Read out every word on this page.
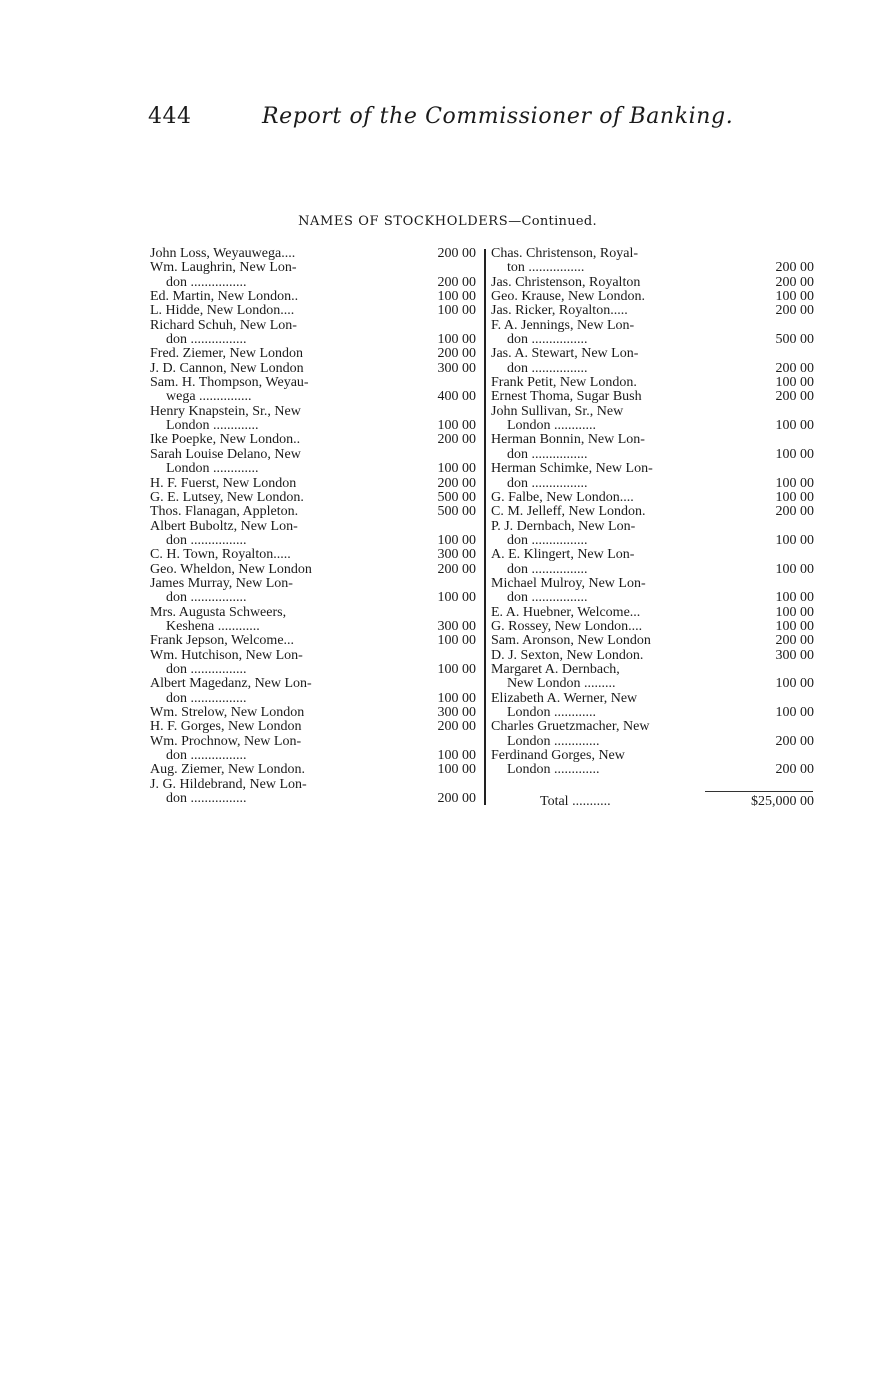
444	Report of the Commissioner of Banking.
NAMES OF STOCKHOLDERS—Continued.
John Loss, Weyauwega....	200 00
Wm. Laughrin, New Lon-
don ................	200 00
Ed. Martin, New London..	100 00
L. Hidde, New London....	100 00
Richard Schuh, New Lon-
don ................	100 00
Fred. Ziemer, New London	200 00
J. D. Cannon, New London	300 00
Sam. H. Thompson, Weyau-
wega ...............	400 00
Henry Knapstein, Sr., New
London .............	100 00
Ike Poepke, New London..	200 00
Sarah Louise Delano, New
London .............	100 00
H. F. Fuerst, New London	200 00
G. E. Lutsey, New London.	500 00
Thos. Flanagan, Appleton.	500 00
Albert Buboltz, New Lon-
don ................	100 00
C. H. Town, Royalton.....	300 00
Geo. Wheldon, New London	200 00
James Murray, New Lon-
don ................	100 00
Mrs. Augusta Schweers,
Keshena ............	300 00
Frank Jepson, Welcome...	100 00
Wm. Hutchison, New Lon-
don ................	100 00
Albert Magedanz, New Lon-
don ................	100 00
Wm. Strelow, New London	300 00
H. F. Gorges, New London	200 00
Wm. Prochnow, New Lon-
don ................	100 00
Aug. Ziemer, New London.	100 00
J. G. Hildebrand, New Lon-
don ................	200 00
Chas. Christenson, Royal-
ton ................	200 00
Jas. Christenson, Royalton	200 00
Geo. Krause, New London.	100 00
Jas. Ricker, Royalton.....	200 00
F. A. Jennings, New Lon-
don ................	500 00
Jas. A. Stewart, New Lon-
don ................	200 00
Frank Petit, New London.	100 00
Ernest Thoma, Sugar Bush	200 00
John Sullivan, Sr., New
London ............	100 00
Herman Bonnin, New Lon-
don ................	100 00
Herman Schimke, New Lon-
don ................	100 00
G. Falbe, New London....	100 00
C. M. Jelleff, New London.	200 00
P. J. Dernbach, New Lon-
don ................	100 00
A. E. Klingert, New Lon-
don ................	100 00
Michael Mulroy, New Lon-
don ................	100 00
E. A. Huebner, Welcome...	100 00
G. Rossey, New London....	100 00
Sam. Aronson, New London	200 00
D. J. Sexton, New London.	300 00
Margaret A. Dernbach,
New London .........	100 00
Elizabeth A. Werner, New
London ............	100 00
Charles Gruetzmacher, New
London .............	200 00
Ferdinand Gorges, New
London .............	200 00
Total ...........	$25,000 00
